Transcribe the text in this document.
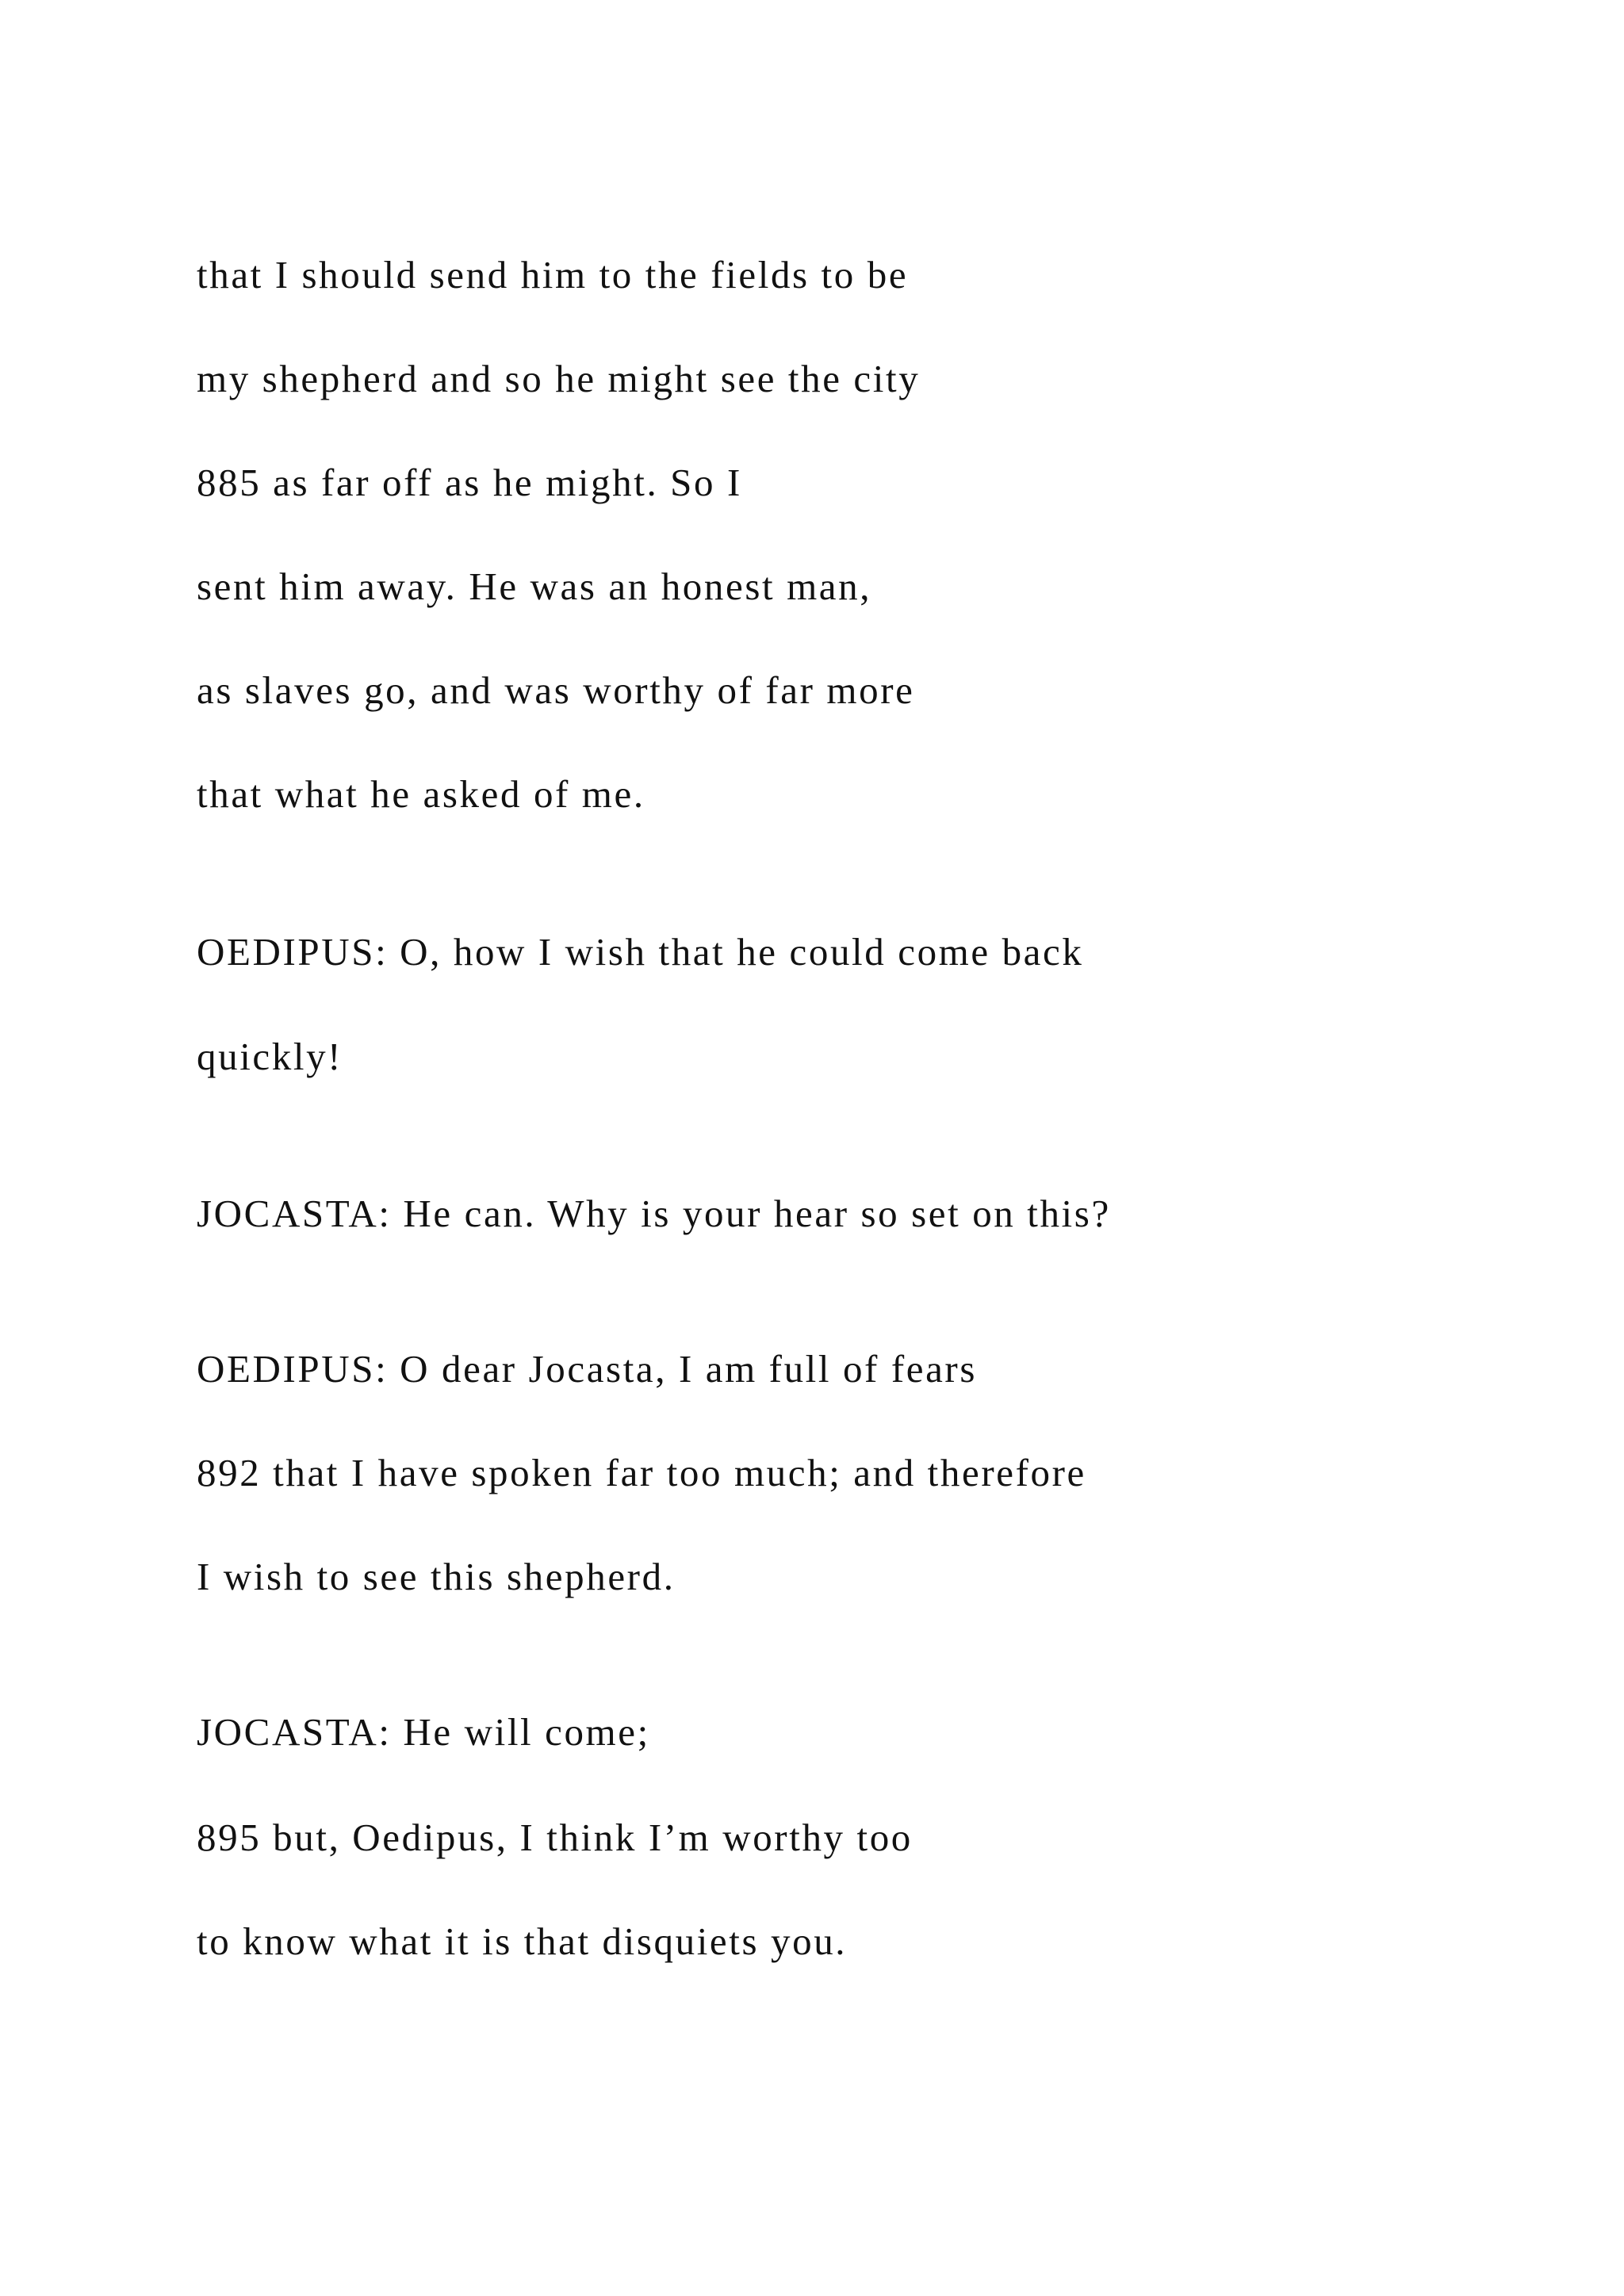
that I should send him to the fields to be
my shepherd and so he might see the city
885 as far off as he might. So I
sent him away. He was an honest man,
as slaves go, and was worthy of far more
that what he asked of me.
OEDIPUS: O, how I wish that he could come back
quickly!
JOCASTA: He can. Why is your hear so set on this?
OEDIPUS: O dear Jocasta, I am full of fears
892 that I have spoken far too much; and therefore
I wish to see this shepherd.
JOCASTA: He will come;
895 but, Oedipus, I think I’m worthy too
to know what it is that disquiets you.
